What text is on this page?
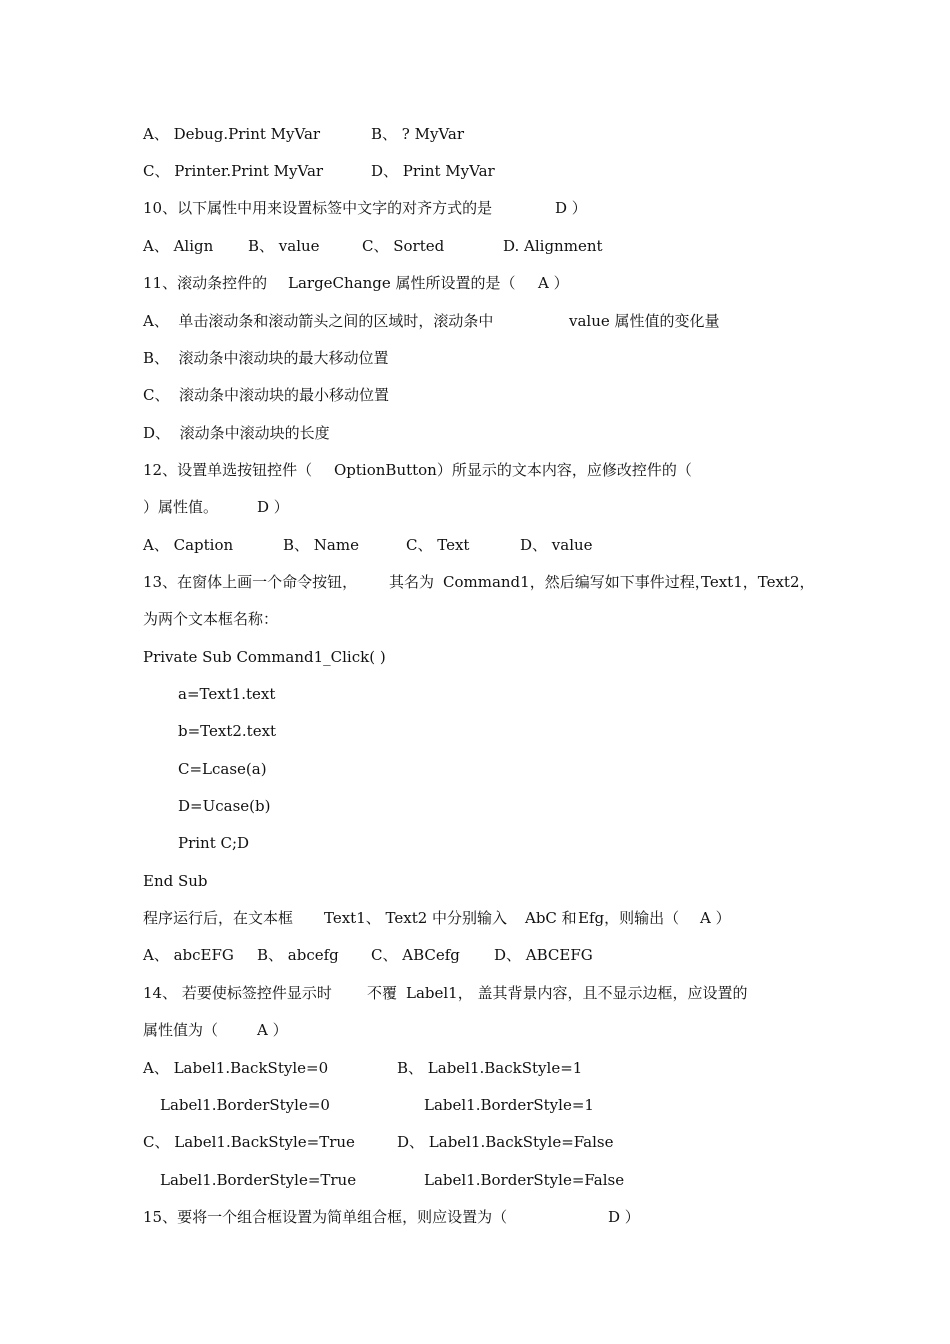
A、 Debug.Print MyVar	B、 ? MyVar
C、 Printer.Print MyVar	D、 Print MyVar
10、以下属性中用来设置标签中文字的对齐方式的是	D ）
A、 Align B、 value	C、 Sorted	D. Alignment
11、滚动条控件的 LargeChange 属性所设置的是（ A ）
A、  单击滚动条和滚动箭头之间的区域时，滚动条中	value 属性值的变化量
B、  滚动条中滚动块的最大移动位置
C、  滚动条中滚动块的最小移动位置
D、  滚动条中滚动块的长度
12、设置单选按钮控件（ OptionButton）所显示的文本内容，应修改控件的（
）属性值。	D ）
A、 Caption	B、 Name	C、 Text	D、 value
13、在窗体上画一个命令按钮， 其名为 Command1，然后编写如下事件过程，
Text1，Text2，
为两个文本框名称：
Private Sub Command1_Click( )
a=Text1.text
b=Text2.text
C=Lcase(a)
D=Ucase(b)
Print C;D
End Sub
程序运行后，在文本框 Text1、 Text2 中分别输入 AbC 和 Efg，则输出（ A ）
A、 abcEFG B、 abcefg C、 ABCefg D、 ABCEFG
14、 若要使标签控件显示时 不覆 Label1， 盖其背景内容，且不显示边框，应设置的
属性值为（	A ）
A、 Label1.BackStyle=0	B、 Label1.BackStyle=1
Label1.BorderStyle=0	Label1.BorderStyle=1
C、 Label1.BackStyle=True	D、 Label1.BackStyle=False
Label1.BorderStyle=True	Label1.BorderStyle=False
15、要将一个组合框设置为简单组合框，则应设置为（	D ）
